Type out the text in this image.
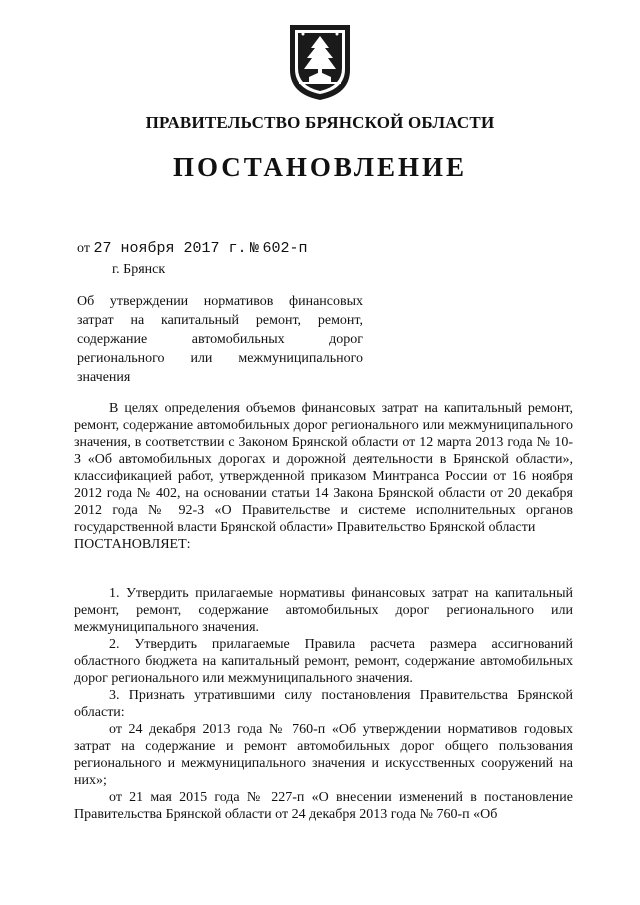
ПРАВИТЕЛЬСТВО БРЯНСКОЙ ОБЛАСТИ
ПОСТАНОВЛЕНИЕ
от 27 ноября 2017 г. № 602-п
г. Брянск
Об утверждении нормативов финансовых затрат на капитальный ремонт, ремонт, содержание автомобильных дорог регионального или межмуниципального значения

В целях определения объемов финансовых затрат на капитальный ремонт, ремонт, содержание автомобильных дорог регионального или межмуниципального значения, в соответствии с Законом Брянской области от 12 марта 2013 года № 10-З «Об автомобильных дорогах и дорожной деятельности в Брянской области», классификацией работ, утвержденной приказом Минтранса России от 16 ноября 2012 года № 402, на основании статьи 14 Закона Брянской области от 20 декабря 2012 года № 92-З «О Правительстве и системе исполнительных органов государственной власти Брянской области» Правительство Брянской области

ПОСТАНОВЛЯЕТ:

1. Утвердить прилагаемые нормативы финансовых затрат на капитальный ремонт, ремонт, содержание автомобильных дорог регионального или межмуниципального значения.

2. Утвердить прилагаемые Правила расчета размера ассигнований областного бюджета на капитальный ремонт, ремонт, содержание автомобильных дорог регионального или межмуниципального значения.

3. Признать утратившими силу постановления Правительства Брянской области:

от 24 декабря 2013 года № 760-п «Об утверждении нормативов годовых затрат на содержание и ремонт автомобильных дорог общего пользования регионального и межмуниципального значения и искусственных сооружений на них»;

от 21 мая 2015 года № 227-п «О внесении изменений в постановление Правительства Брянской области от 24 декабря 2013 года № 760-п «Об
